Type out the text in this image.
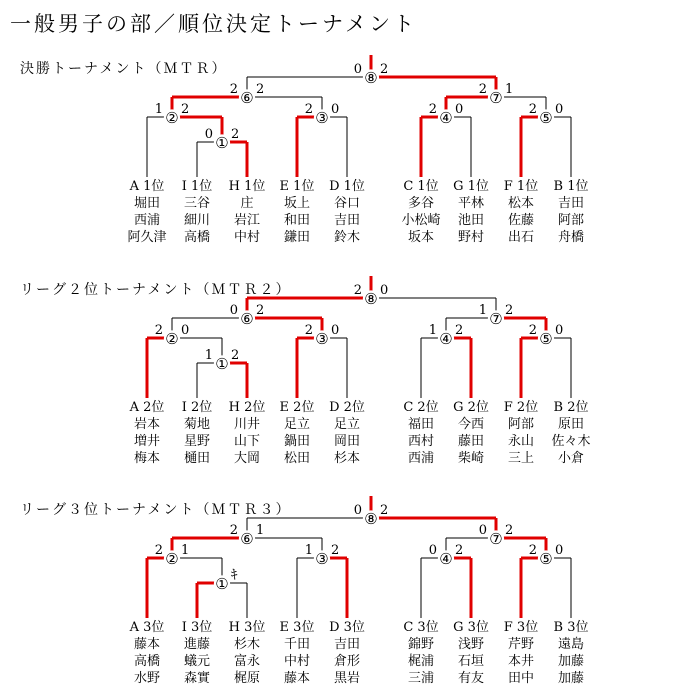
一般男子の部／順位決定トーナメント
決勝トーナメント（ＭＴＲ）
①
0 2
②
1 2	③
2 0	④
2 0	⑤
2 0
⑥
2 2	⑦
2 1
⑧
0 2
A 1位
堀田
西浦
阿久津
I 1位
三谷
細川
高橋
H 1位
庄
岩江
中村
E 1位
坂上
和田
鎌田
D 1位
谷口
吉田
鈴木
C 1位
多谷
小松崎
坂本
G 1位
平林
池田
野村
F 1位
松本
佐藤
出石
B 1位
吉田
阿部
舟橋
リーグ２位トーナメント（ＭＴＲ２）
①
1 2
②
2 0	③
2 0	④
1 2	⑤
2 0
⑥
0 2	⑦
1 2
⑧
2 0
A 2位
岩本
増井
梅本
I 2位
菊地
星野
樋田
H 2位
川井
山下
大岡
E 2位
足立
鍋田
松田
D 2位
足立
岡田
杉本
C 2位
福田
西村
西浦
G 2位
今西
藤田
柴崎
F 2位
阿部
永山
三上
B 2位
原田
佐々木
小倉
リーグ３位トーナメント（ＭＴＲ３）
① ｷ
②
2 1	③
1 2	④
0 2	⑤
2 0
⑥
2 1	⑦
0 2
⑧
0 2
A 3位
藤本
高橋
水野
I 3位
進藤
蟻元
森實
H 3位
杉木
富永
梶原
E 3位
千田
中村
藤本
D 3位
吉田
倉形
黒岩
C 3位
錦野
梶浦
三浦
G 3位
浅野
石垣
有友
F 3位
芹野
本井
田中
B 3位
遠島
加藤
加藤
